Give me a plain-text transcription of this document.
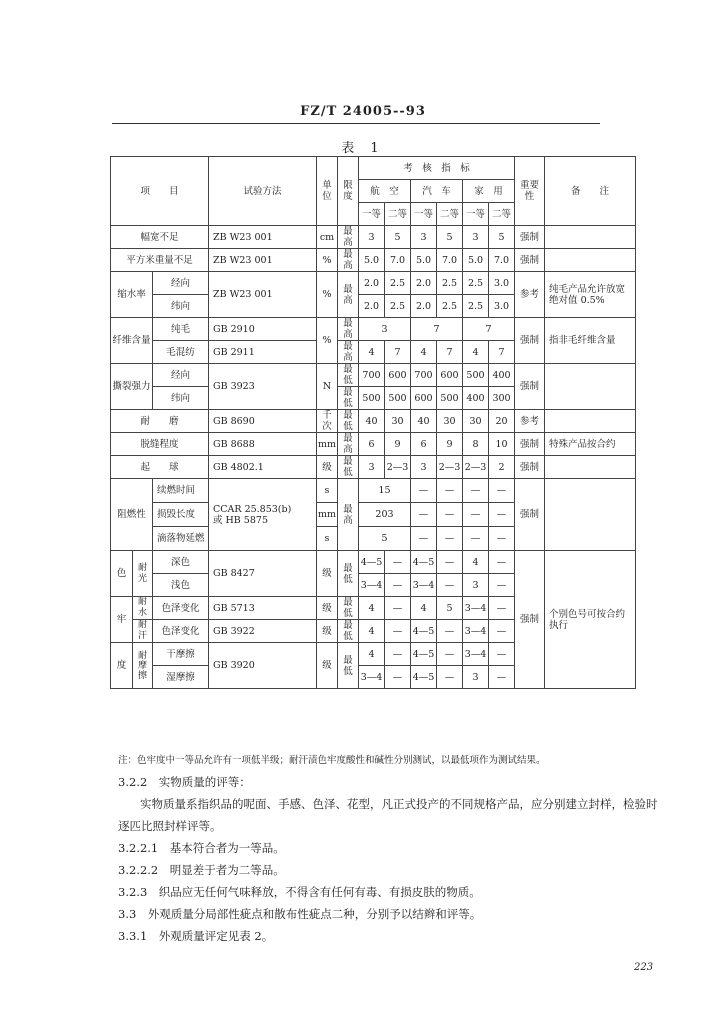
FZ/T 24005--93
表 1
项　　目			试验方法	单位	限度	考　核　指　标						重要性	备　　注
						航　空		汽　车		家　用			
						一等	二等	一等	二等	一等	二等		
幅宽不足			ZB W23 001	cm	最高	3	5	3	5	3	5	强制	
平方米重量不足			ZB W23 001	%	最高	5.0	7.0	5.0	7.0	5.0	7.0	强制	
缩水率		经向	ZB W23 001	%	最高	2.0	2.5	2.0	2.5	2.5	3.0	参考	纯毛产品允许放宽绝对值 0.5%
		纬向				2.0	2.5	2.0	2.5	2.5	3.0		
纤维含量		纯毛	GB 2910	%	最高	3		7		7		强制	指非毛纤维含量
		毛混纺	GB 2911		最高	4	7	4	7	4	7		
撕裂强力		经向	GB 3923	N	最低	700	600	700	600	500	400	强制	
		纬向			最低	500	500	600	500	400	300		
耐　　磨			GB 8690	千次	最低	40	30	40	30	30	20	参考	
脱缝程度			GB 8688	mm	最高	6	9	6	9	8	10	强制	特殊产品按合约
起　　球			GB 4802.1	级	最低	3	2—3	3	2—3	2—3	2	强制	
阻燃性		续燃时间	CCAR 25.853(b)
或 HB 5875	s	最高	15		—	—	—	—	强制	
		损毁长度		mm		203		—	—	—	—		
		滴落物延燃		s		5		—	—	—	—		
色	耐光	深色	GB 8427	级	最低	4—5	—	4—5	—	4	—	强制	个别色号可按合约执行
		浅色				3—4	—	3—4	—	3	—		
牢	耐水	色泽变化	GB 5713	级	最低	4	—	4	5	3—4	—		
	耐汗	色泽变化	GB 3922	级	最低	4	—	4—5	—	3—4	—		
度	耐摩擦	干摩擦	GB 3920	级	最低	4	—	4—5	—	3—4	—		

		湿摩擦				3—4	—	4—5	—	3	—		
注：色牢度中一等品允许有一项低半级；耐汗渍色牢度酸性和碱性分别测试，以最低项作为测试结果。
3.2.2　实物质量的评等：
实物质量系指织品的呢面、手感、色泽、花型，凡正式投产的不同规格产品，应分别建立封样，检验时
逐匹比照封样评等。
3.2.2.1　基本符合者为一等品。
3.2.2.2　明显差于者为二等品。
3.2.3　织品应无任何气味释放，不得含有任何有毒、有损皮肤的物质。
3.3　外观质量分局部性疵点和散布性疵点二种，分别予以结辫和评等。
3.3.1　外观质量评定见表 2。
223
